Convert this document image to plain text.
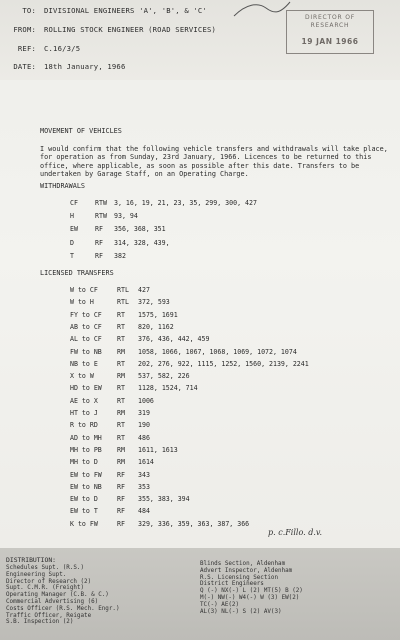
TO: DIVISIONAL ENGINEERS 'A', 'B', & 'C'
FROM: ROLLING STOCK ENGINEER (ROAD SERVICES)
REF: C.16/3/5
DATE: 18th January, 1966
DIRECTOR OF
RESEARCH
19 JAN 1966
MOVEMENT OF VEHICLES
I would confirm that the following vehicle transfers and withdrawals will take place, for operation as from Sunday, 23rd January, 1966. Licences to be returned to this office, where applicable, as soon as possible after this date. Transfers to be undertaken by Garage Staff, on an Operating Charge.
WITHDRAWALS
CF	RTW 3, 16, 19, 21, 23, 35, 299, 300, 427
H	RTW 93, 94
EW	RF 356, 368, 351
D	RF 314, 328, 439,
T	RF 382
LICENSED TRANSFERS
W to CF	RTL 427
W to H	RTL 372, 593
FY to CF RT 1575, 1691
AB to CF RT 820, 1162
AL to CF RT 376, 436, 442, 459
FW to NB RM 1058, 1066, 1067, 1068, 1069, 1072, 1074
NB to E	RT 202, 276, 922, 1115, 1252, 1560, 2139, 2241
X to W	RM 537, 582, 226
HD to EW RT 1128, 1524, 714
AE to X	RT 1006
HT to J	RM 319
R to RD	RT 190
AD to MH RT 486
MH to PB RM 1611, 1613
MH to D	RM 1614
EW to FW RF 343
EW to NB RF 353
EW to D	RF 355, 383, 394
EW to T	RF 484
K to FW	RF 329, 336, 359, 363, 387, 366
p. c.Fillo. d.v.
DISTRIBUTION:
Schedules Supt. (R.S.)
Engineering Supt.
Director of Research (2)
Supt. C.M.R. (Freight)
Operating Manager (C.B. & C.)
Commercial Advertising (6)
Costs Officer (R.S. Mech. Engr.)
Traffic Officer, Reigate
S.B. Inspection (2)
Blinds Section, Aldenham
Advert Inspector, Aldenham
R.S. Licensing Section
District Engineers
Q (-) NX(-) L (2) MT(5) B (2)
M(-) NW(-) W4(-) W (3) EW(2)
TC(-) AE(2)
AL(3) NL(-) S (2) AV(3)
